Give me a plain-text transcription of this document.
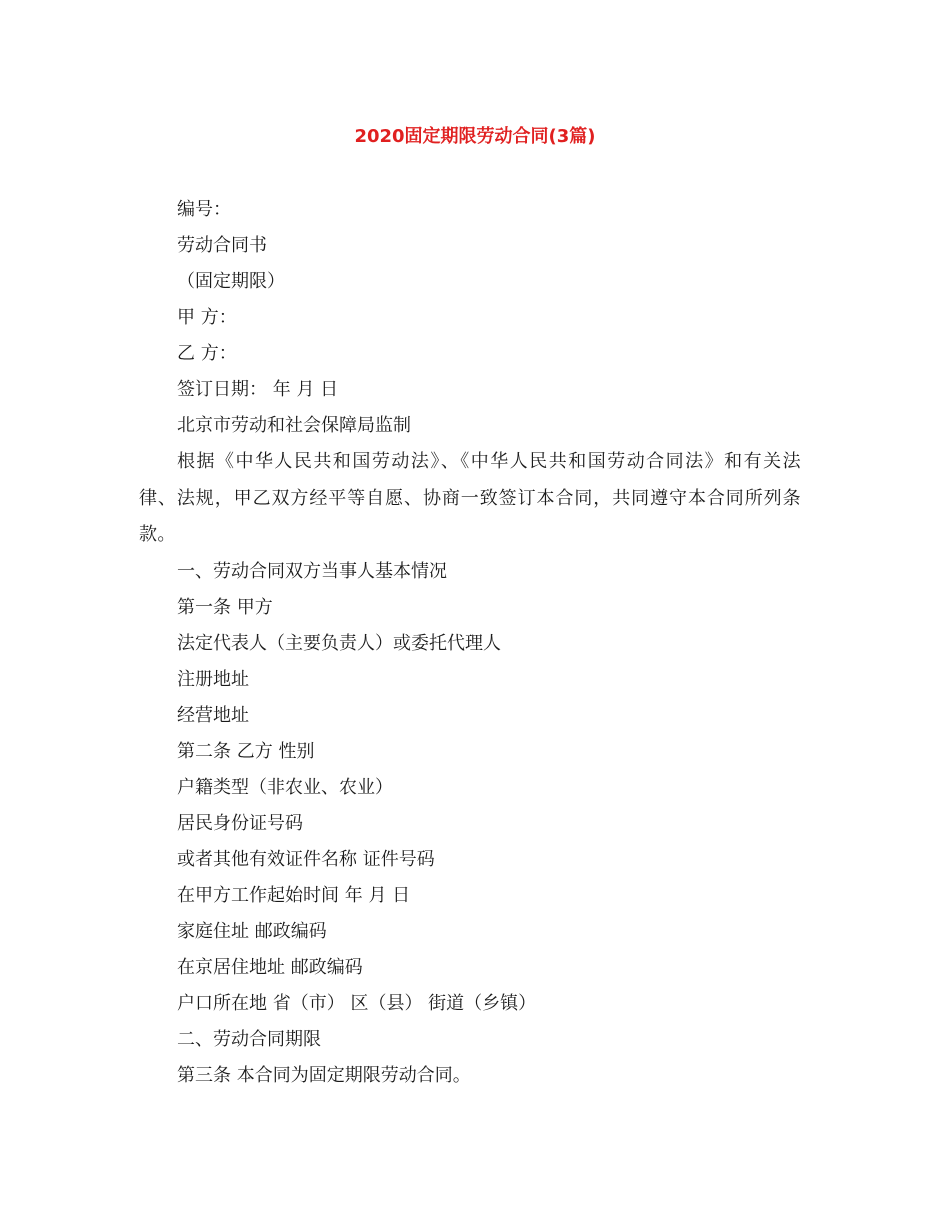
2020固定期限劳动合同(3篇)
编号：
劳动合同书
（固定期限）
甲 方：
乙 方：
签订日期： 年 月 日
北京市劳动和社会保障局监制
根据《中华人民共和国劳动法》、《中华人民共和国劳动合同法》和有关法律、法规，甲乙双方经平等自愿、协商一致签订本合同，共同遵守本合同所列条款。
一、劳动合同双方当事人基本情况
第一条 甲方
法定代表人（主要负责人）或委托代理人
注册地址
经营地址
第二条 乙方 性别
户籍类型（非农业、农业）
居民身份证号码
或者其他有效证件名称 证件号码
在甲方工作起始时间 年 月 日
家庭住址 邮政编码
在京居住地址 邮政编码
户口所在地 省（市） 区（县） 街道（乡镇）
二、劳动合同期限
第三条 本合同为固定期限劳动合同。
